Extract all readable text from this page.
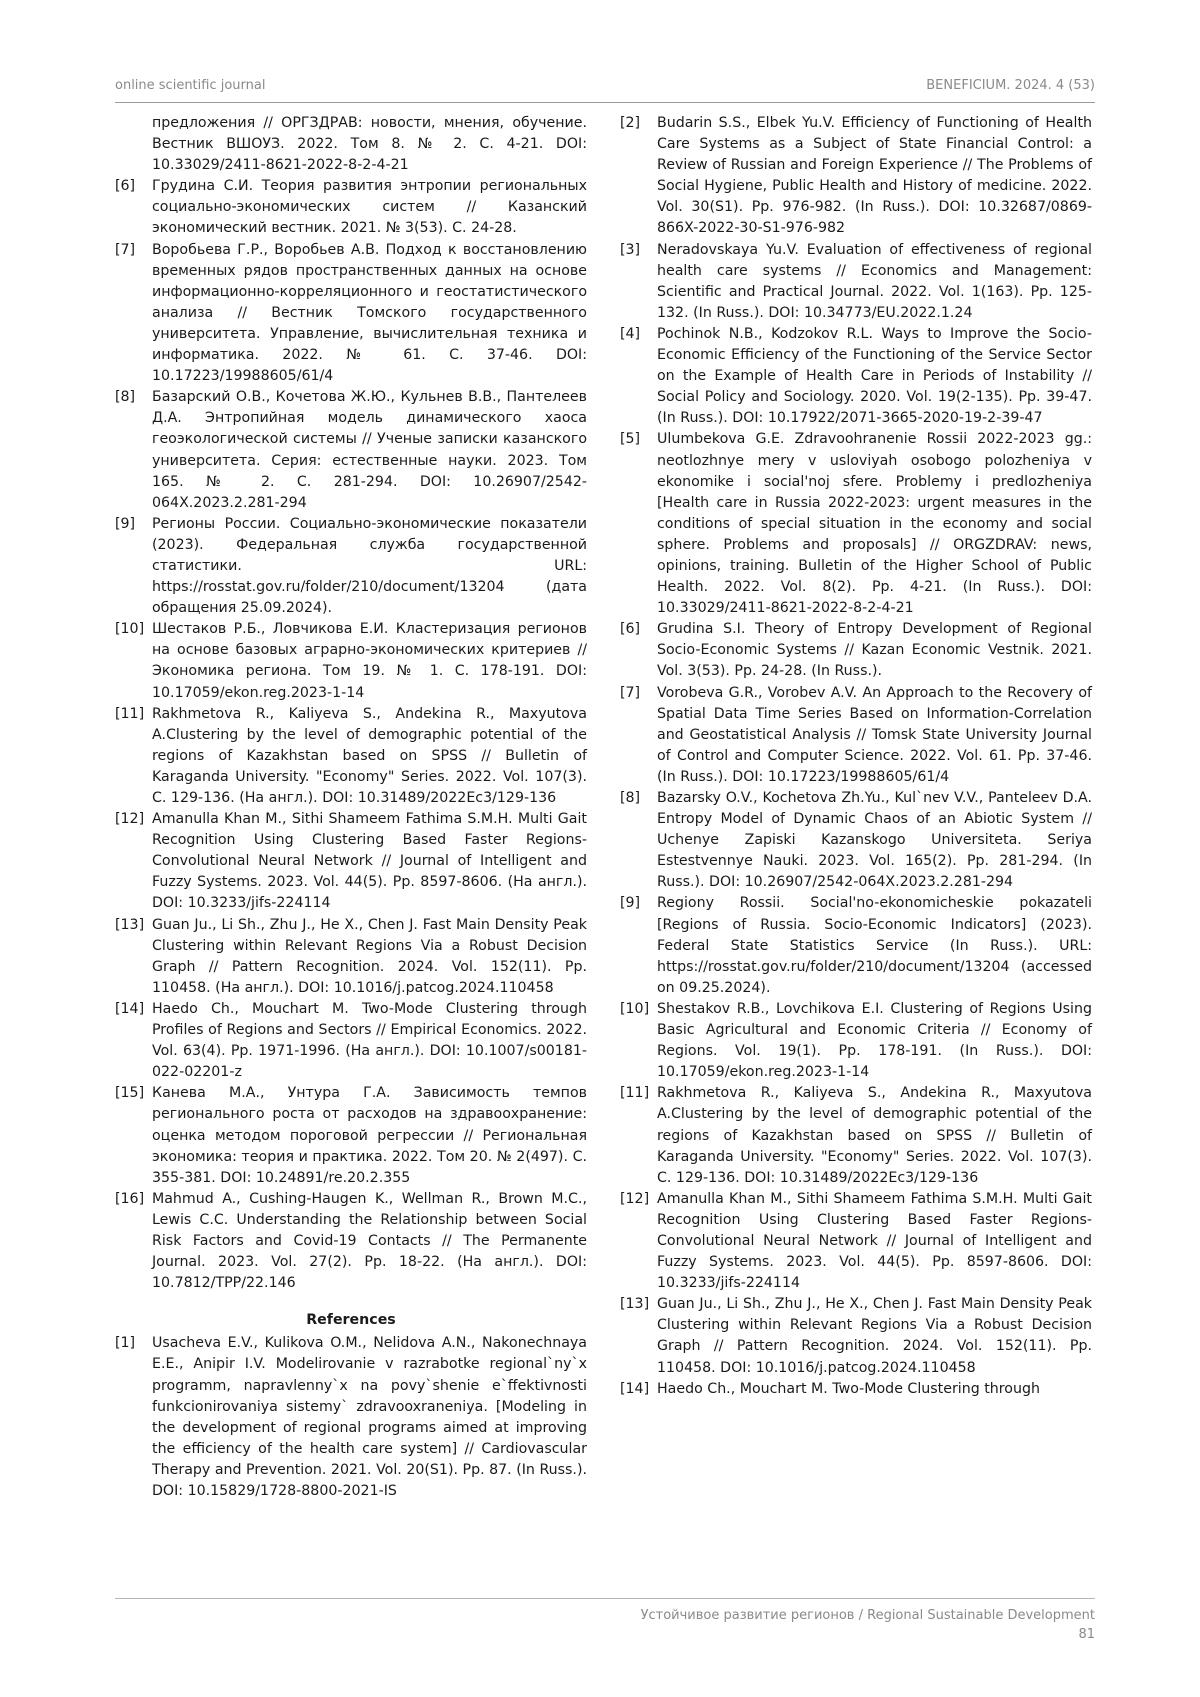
online scientific journal	BENEFICIUM. 2024. 4 (53)
предложения // ОРГЗДРАВ: новости, мнения, обучение. Вестник ВШОУЗ. 2022. Том 8. № 2. С. 4-21. DOI: 10.33029/2411-8621-2022-8-2-4-21
[6] Грудина С.И. Теория развития энтропии региональных социально-экономических систем // Казанский экономический вестник. 2021. № 3(53). С. 24-28.
[7] Воробьева Г.Р., Воробьев А.В. Подход к восстановлению временных рядов пространственных данных на основе информационно-корреляционного и геостатистического анализа // Вестник Томского государственного университета. Управление, вычислительная техника и информатика. 2022. № 61. С. 37-46. DOI: 10.17223/19988605/61/4
[8] Базарский О.В., Кочетова Ж.Ю., Кульнев В.В., Пантелеев Д.А. Энтропийная модель динамического хаоса геоэкологической системы // Ученые записки казанского университета. Серия: естественные науки. 2023. Том 165. № 2. С. 281-294. DOI: 10.26907/2542-064X.2023.2.281-294
[9] Регионы России. Социально-экономические показатели (2023). Федеральная служба государственной статистики. URL: https://rosstat.gov.ru/folder/210/document/13204 (дата обращения 25.09.2024).
[10] Шестаков Р.Б., Ловчикова Е.И. Кластеризация регионов на основе базовых аграрно-экономических критериев // Экономика региона. Том 19. № 1. С. 178-191. DOI: 10.17059/ekon.reg.2023-1-14
[11] Rakhmetova R., Kaliyeva S., Andekina R., Maxyutova A.Clustering by the level of demographic potential of the regions of Kazakhstan based on SPSS // Bulletin of Karaganda University. "Economy" Series. 2022. Vol. 107(3). С. 129-136. (На англ.). DOI: 10.31489/2022Ec3/129-136
[12] Amanulla Khan M., Sithi Shameem Fathima S.M.H. Multi Gait Recognition Using Clustering Based Faster Regions-Convolutional Neural Network // Journal of Intelligent and Fuzzy Systems. 2023. Vol. 44(5). Pp. 8597-8606. (На англ.). DOI: 10.3233/jifs-224114
[13] Guan Ju., Li Sh., Zhu J., He X., Chen J. Fast Main Density Peak Clustering within Relevant Regions Via a Robust Decision Graph // Pattern Recognition. 2024. Vol. 152(11). Pp. 110458. (На англ.). DOI: 10.1016/j.patcog.2024.110458
[14] Haedo Ch., Mouchart M. Two-Mode Clustering through Profiles of Regions and Sectors // Empirical Economics. 2022. Vol. 63(4). Pp. 1971-1996. (На англ.). DOI: 10.1007/s00181-022-02201-z
[15] Канева М.А., Унтура Г.А. Зависимость темпов регионального роста от расходов на здравоохранение: оценка методом пороговой регрессии // Региональная экономика: теория и практика. 2022. Том 20. № 2(497). С. 355-381. DOI: 10.24891/re.20.2.355
[16] Mahmud A., Cushing-Haugen K., Wellman R., Brown M.C., Lewis C.C. Understanding the Relationship between Social Risk Factors and Covid-19 Contacts // The Permanente Journal. 2023. Vol. 27(2). Pp. 18-22. (На англ.). DOI: 10.7812/TPP/22.146
References
[1] Usacheva E.V., Kulikova O.M., Nelidova A.N., Nakonechnaya E.E., Anipir I.V. Modelirovanie v razrabotke regional`ny`x programm, napravlenny`x na povy`shenie e`ffektivnosti funkcionirovaniya sistemy` zdravooxraneniya. [Modeling in the development of regional programs aimed at improving the efficiency of the health care system] // Cardiovascular Therapy and Prevention. 2021. Vol. 20(S1). Pp. 87. (In Russ.). DOI: 10.15829/1728-8800-2021-IS
[2] Budarin S.S., Elbek Yu.V. Efficiency of Functioning of Health Care Systems as a Subject of State Financial Control: a Review of Russian and Foreign Experience // The Problems of Social Hygiene, Public Health and History of medicine. 2022. Vol. 30(S1). Pp. 976-982. (In Russ.). DOI: 10.32687/0869-866X-2022-30-S1-976-982
[3] Neradovskaya Yu.V. Evaluation of effectiveness of regional health care systems // Economics and Management: Scientific and Practical Journal. 2022. Vol. 1(163). Pp. 125-132. (In Russ.). DOI: 10.34773/EU.2022.1.24
[4] Pochinok N.B., Kodzokov R.L. Ways to Improve the Socio-Economic Efficiency of the Functioning of the Service Sector on the Example of Health Care in Periods of Instability // Social Policy and Sociology. 2020. Vol. 19(2-135). Pp. 39-47. (In Russ.). DOI: 10.17922/2071-3665-2020-19-2-39-47
[5] Ulumbekova G.E. Zdravoohranenie Rossii 2022-2023 gg.: neotlozhnye mery v usloviyah osobogo polozheniya v ekonomike i social'noj sfere. Problemy i predlozheniya [Health care in Russia 2022-2023: urgent measures in the conditions of special situation in the economy and social sphere. Problems and proposals] // ORGZDRAV: news, opinions, training. Bulletin of the Higher School of Public Health. 2022. Vol. 8(2). Pp. 4-21. (In Russ.). DOI: 10.33029/2411-8621-2022-8-2-4-21
[6] Grudina S.I. Theory of Entropy Development of Regional Socio-Economic Systems // Kazan Economic Vestnik. 2021. Vol. 3(53). Pp. 24-28. (In Russ.).
[7] Vorobeva G.R., Vorobev A.V. An Approach to the Recovery of Spatial Data Time Series Based on Information-Correlation and Geostatistical Analysis // Tomsk State University Journal of Control and Computer Science. 2022. Vol. 61. Pp. 37-46. (In Russ.). DOI: 10.17223/19988605/61/4
[8] Bazarsky O.V., Kochetova Zh.Yu., Kul`nev V.V., Panteleev D.A. Entropy Model of Dynamic Chaos of an Abiotic System // Uchenye Zapiski Kazanskogo Universiteta. Seriya Estestvennye Nauki. 2023. Vol. 165(2). Pp. 281-294. (In Russ.). DOI: 10.26907/2542-064X.2023.2.281-294
[9] Regiony Rossii. Social'no-ekonomicheskie pokazateli [Regions of Russia. Socio-Economic Indicators] (2023). Federal State Statistics Service (In Russ.). URL: https://rosstat.gov.ru/folder/210/document/13204 (accessed on 09.25.2024).
[10] Shestakov R.B., Lovchikova E.I. Clustering of Regions Using Basic Agricultural and Economic Criteria // Economy of Regions. Vol. 19(1). Pp. 178-191. (In Russ.). DOI: 10.17059/ekon.reg.2023-1-14
[11] Rakhmetova R., Kaliyeva S., Andekina R., Maxyutova A.Clustering by the level of demographic potential of the regions of Kazakhstan based on SPSS // Bulletin of Karaganda University. "Economy" Series. 2022. Vol. 107(3). С. 129-136. DOI: 10.31489/2022Ec3/129-136
[12] Amanulla Khan M., Sithi Shameem Fathima S.M.H. Multi Gait Recognition Using Clustering Based Faster Regions-Convolutional Neural Network // Journal of Intelligent and Fuzzy Systems. 2023. Vol. 44(5). Pp. 8597-8606. DOI: 10.3233/jifs-224114
[13] Guan Ju., Li Sh., Zhu J., He X., Chen J. Fast Main Density Peak Clustering within Relevant Regions Via a Robust Decision Graph // Pattern Recognition. 2024. Vol. 152(11). Pp. 110458. DOI: 10.1016/j.patcog.2024.110458
[14] Haedo Ch., Mouchart M. Two-Mode Clustering through
Устойчивое развитие регионов / Regional Sustainable Development
81
